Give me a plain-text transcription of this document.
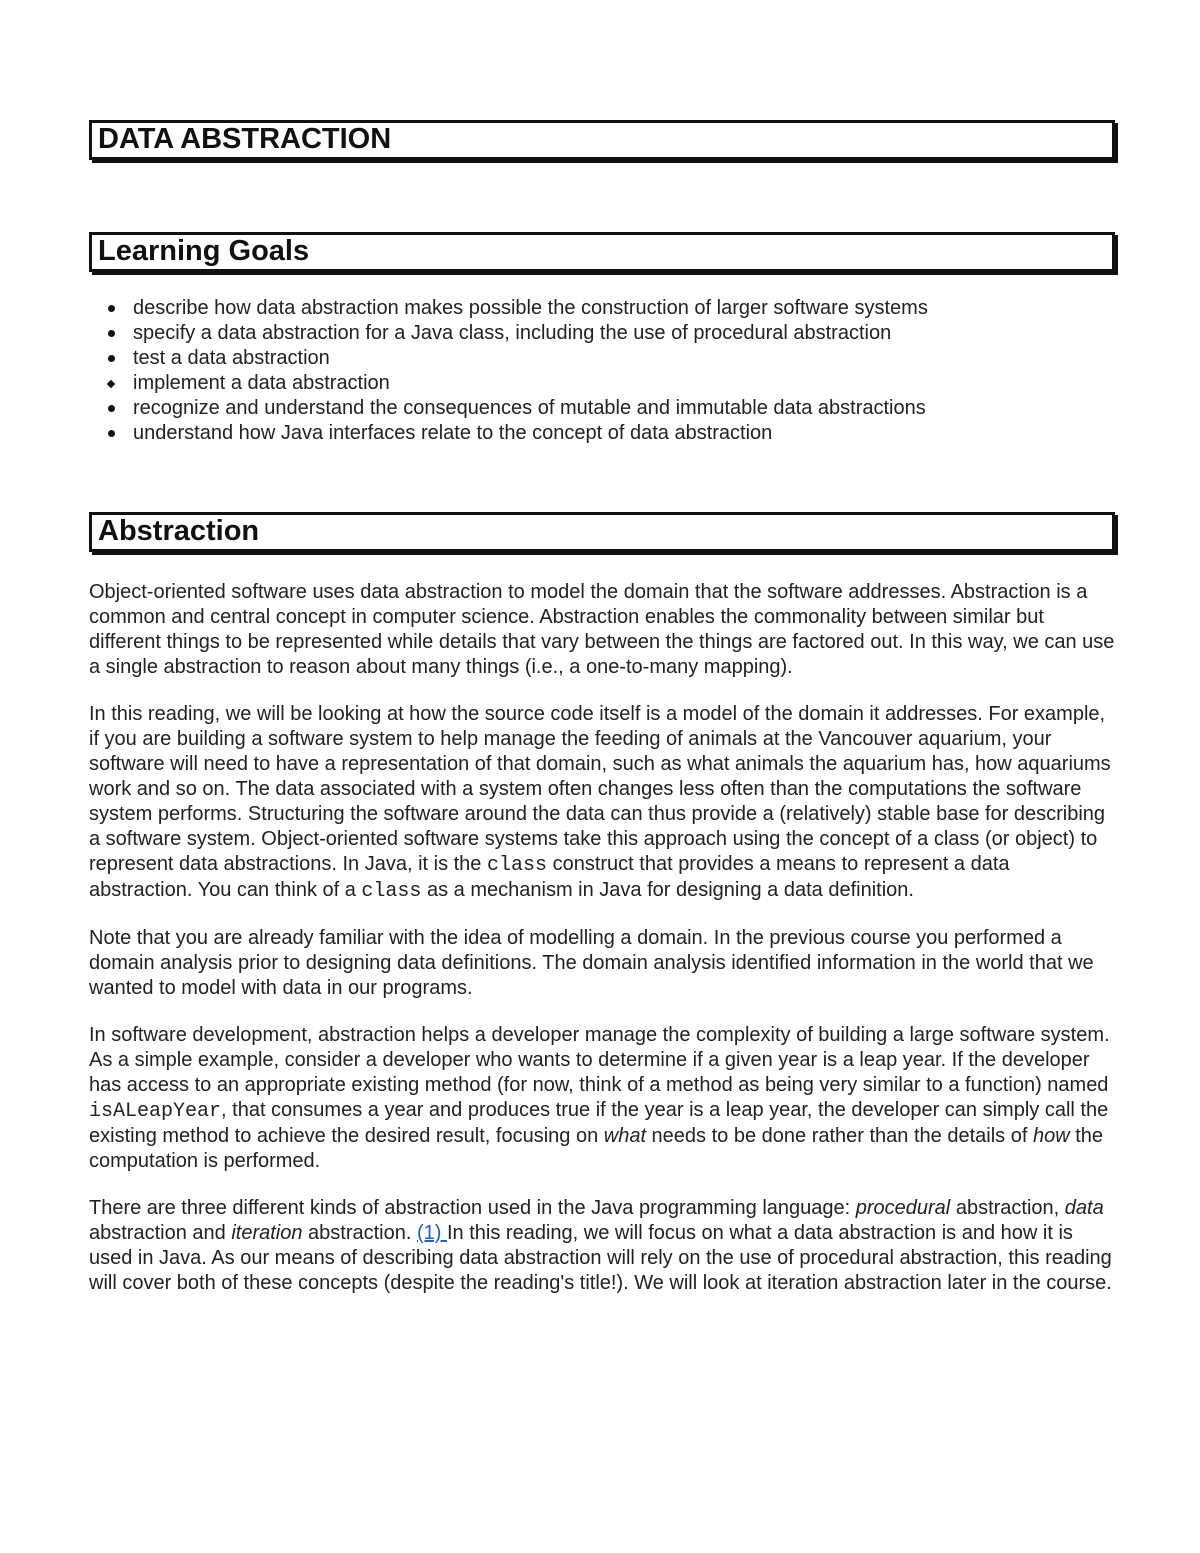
DATA ABSTRACTION
Learning Goals
describe how data abstraction makes possible the construction of larger software systems
specify a data abstraction for a Java class, including the use of procedural abstraction
test a data abstraction
implement a data abstraction
recognize and understand the consequences of mutable and immutable data abstractions
understand how Java interfaces relate to the concept of data abstraction
Abstraction

Object-oriented software uses data abstraction to model the domain that the software addresses. Abstraction is a common and central concept in computer science. Abstraction enables the commonality between similar but different things to be represented while details that vary between the things are factored out. In this way, we can use a single abstraction to reason about many things (i.e., a one-to-many mapping).

In this reading, we will be looking at how the source code itself is a model of the domain it addresses. For example, if you are building a software system to help manage the feeding of animals at the Vancouver aquarium, your software will need to have a representation of that domain, such as what animals the aquarium has, how aquariums work and so on. The data associated with a system often changes less often than the computations the software system performs. Structuring the software around the data can thus provide a (relatively) stable base for describing a software system. Object-oriented software systems take this approach using the concept of a class (or object) to represent data abstractions. In Java, it is the class construct that provides a means to represent a data abstraction. You can think of a class as a mechanism in Java for designing a data definition.

Note that you are already familiar with the idea of modelling a domain. In the previous course you performed a domain analysis prior to designing data definitions. The domain analysis identified information in the world that we wanted to model with data in our programs.

In software development, abstraction helps a developer manage the complexity of building a large software system. As a simple example, consider a developer who wants to determine if a given year is a leap year. If the developer has access to an appropriate existing method (for now, think of a method as being very similar to a function) named isALeapYear, that consumes a year and produces true if the year is a leap year, the developer can simply call the existing method to achieve the desired result, focusing on what needs to be done rather than the details of how the computation is performed.

There are three different kinds of abstraction used in the Java programming language: procedural abstraction, data abstraction and iteration abstraction. (1) In this reading, we will focus on what a data abstraction is and how it is used in Java. As our means of describing data abstraction will rely on the use of procedural abstraction, this reading will cover both of these concepts (despite the reading's title!). We will look at iteration abstraction later in the course.
